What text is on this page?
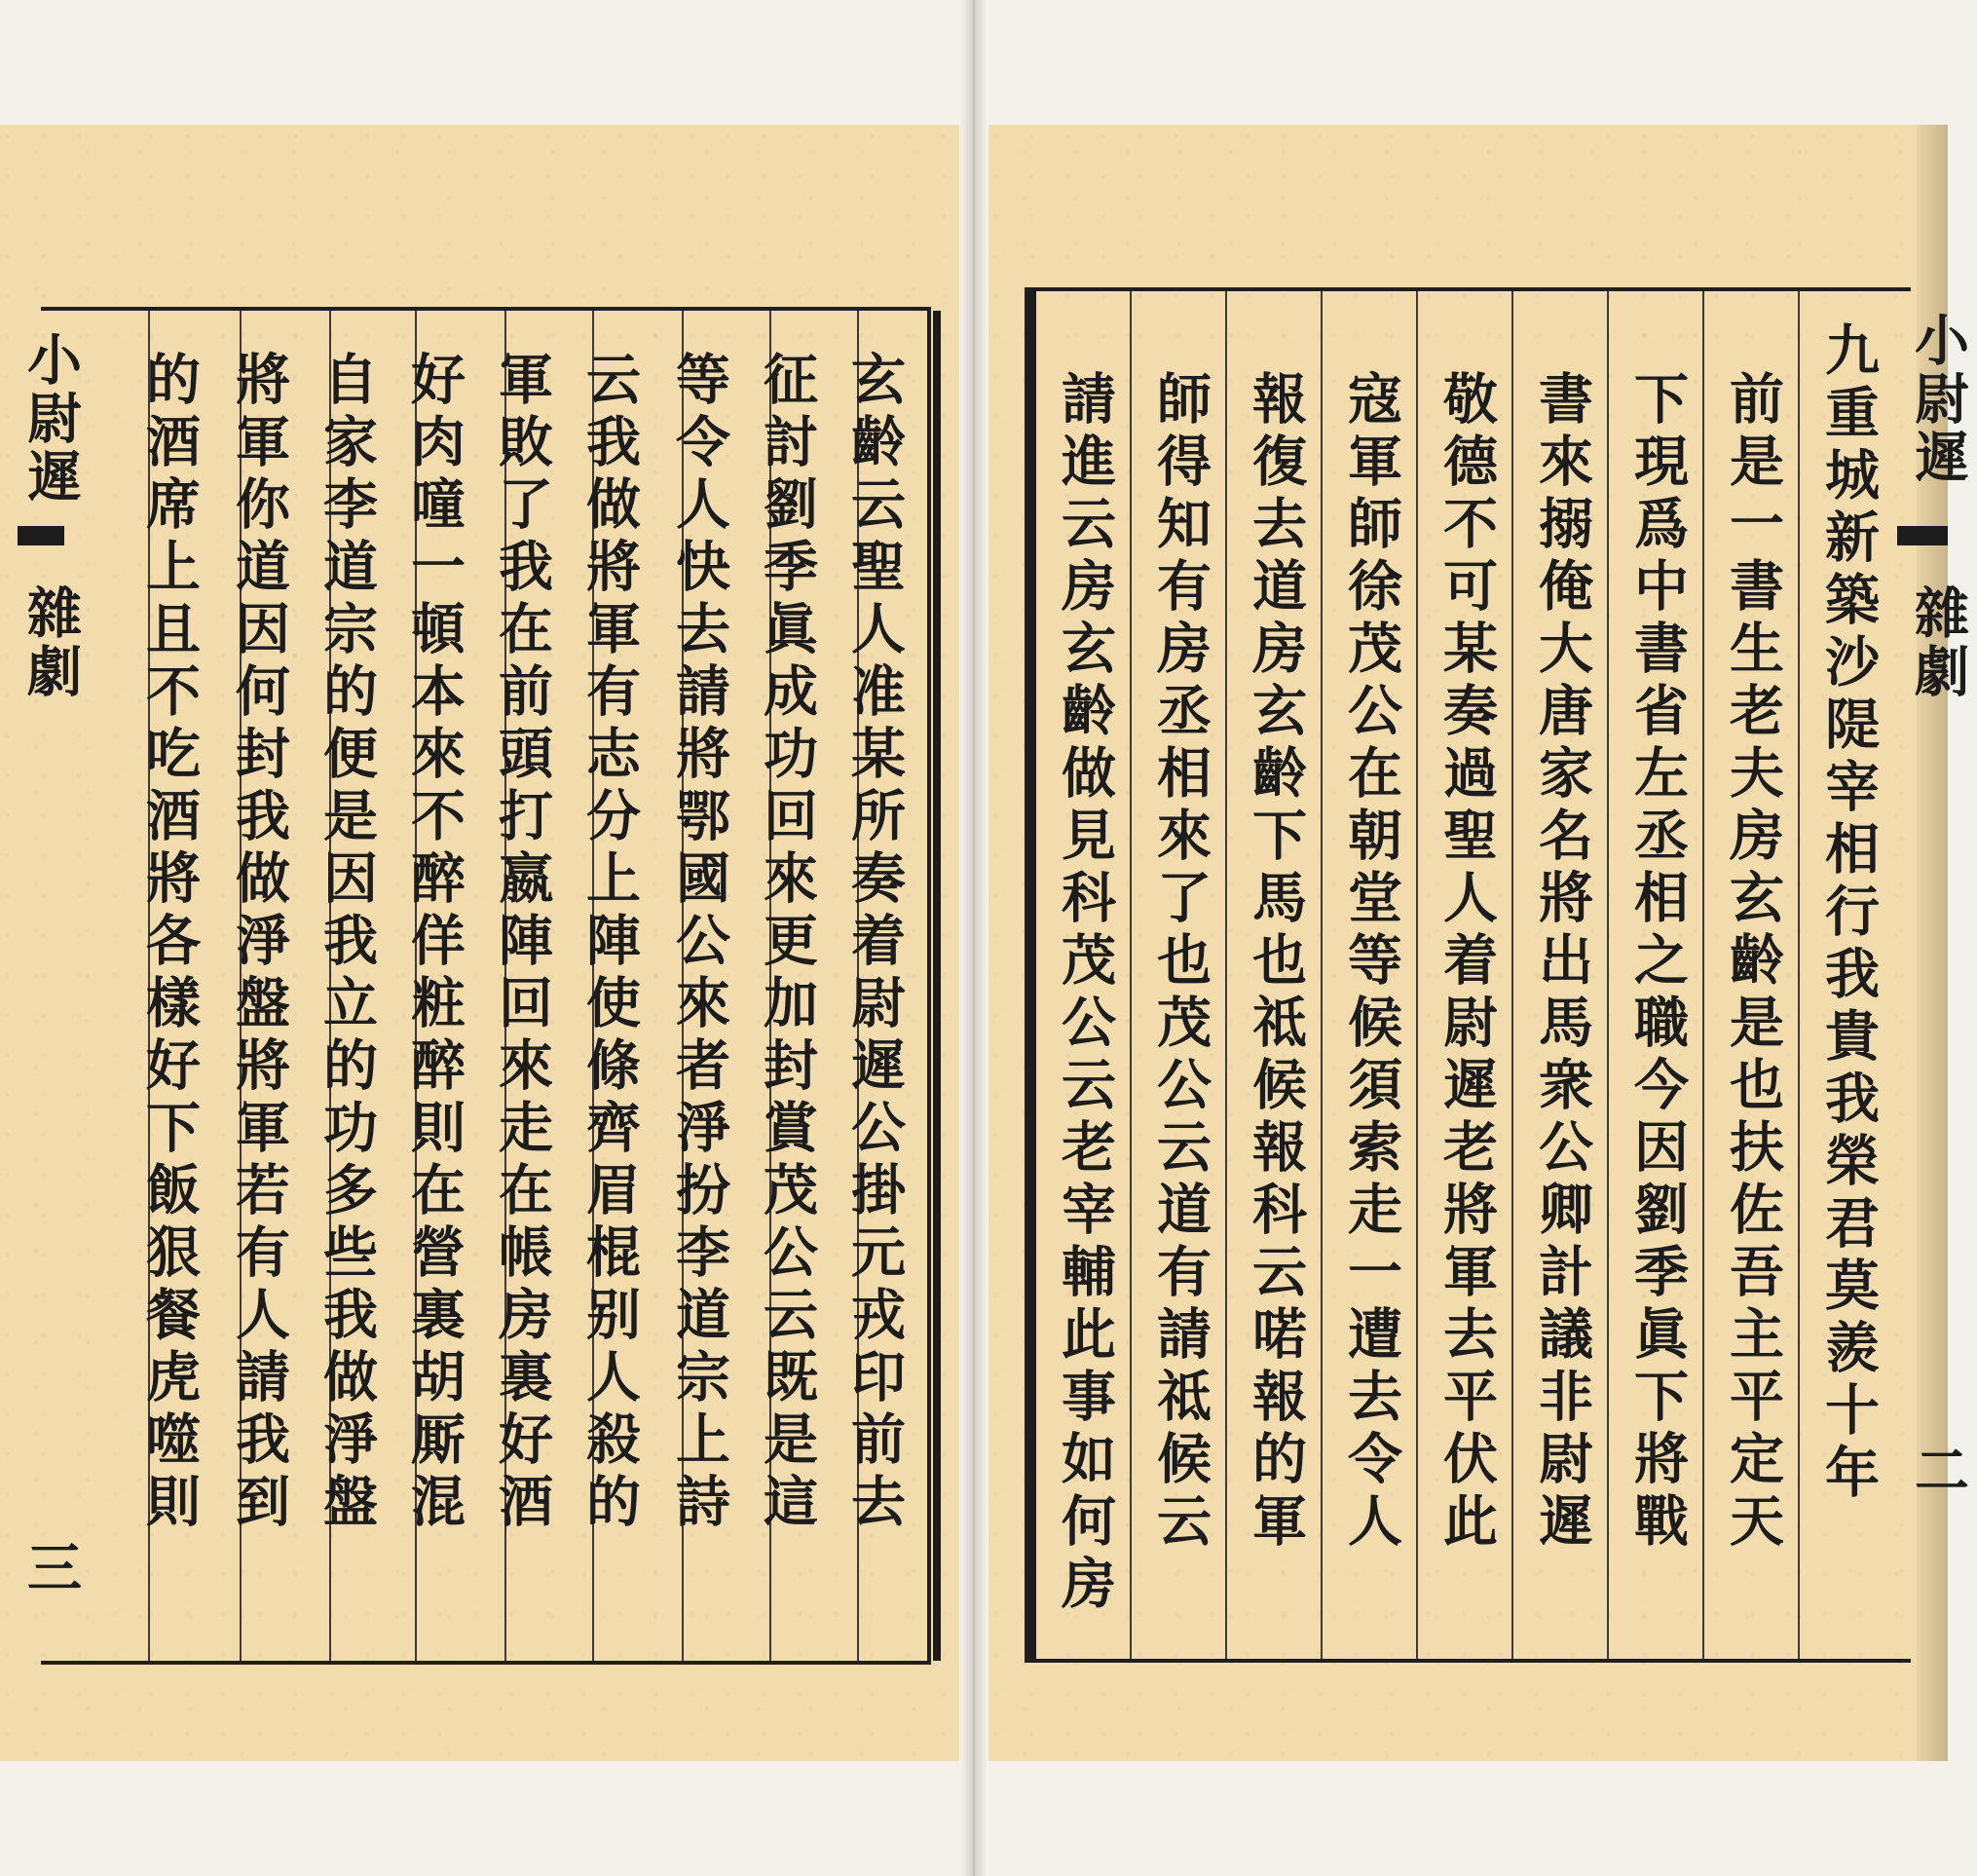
小尉遲
雜劇
三
玄齡云聖人准某所奏着尉遲公掛元戎印前去
征討劉季眞成功回來更加封賞茂公云既是這
等令人快去請將鄂國公來者淨扮李道宗上詩
云我做將軍有志分上陣使條齊眉棍别人殺的
軍敗了我在前頭打嬴陣回來走在帳房裏好酒
好肉噇一頓本來不醉佯粧醉則在營裏胡厮混
自家李道宗的便是因我立的功多些我做淨盤
將軍你道因何封我做淨盤將軍若有人請我到
的酒席上且不吃酒將各樣好下飯狠餐虎噬則	小尉遲
雜劇
二
九重城新築沙隄宰相行我貴我榮君莫羨十年
前是一書生老夫房玄齡是也扶佐吾主平定天
下現爲中書省左丞相之職今因劉季眞下將戰
書來搦俺大唐家名將出馬衆公卿計議非尉遲
敬德不可某奏過聖人着尉遲老將軍去平伏此
寇軍師徐茂公在朝堂等候須索走一遭去令人
報復去道房玄齡下馬也祗候報科云喏報的軍
師得知有房丞相來了也茂公云道有請祗候云
請進云房玄齡做見科茂公云老宰輔此事如何房
